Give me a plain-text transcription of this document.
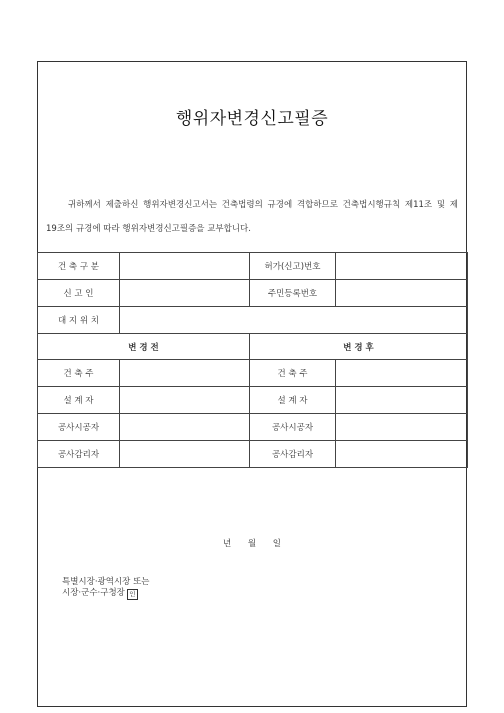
행위자변경신고필증
귀하께서 제출하신 행위자변경신고서는 건축법령의 규경에 격합하므로 건축법시행규칙 제11조 및 제
19조의 규경에 따라 행위자변경신고필증을 교부합니다.
건 축 구 분		허가(신고)번호	
신 고 인		주민등록번호	
대 지 위 치			
변 경 전		변 경 후	
건 축 주		건 축 주	
설 계 자		설 계 자	
공사시공자		공사시공자	
공사감리자		공사감리자	
년 월 일
특별시장·광역시장 또는
시장·군수·구청장 인
